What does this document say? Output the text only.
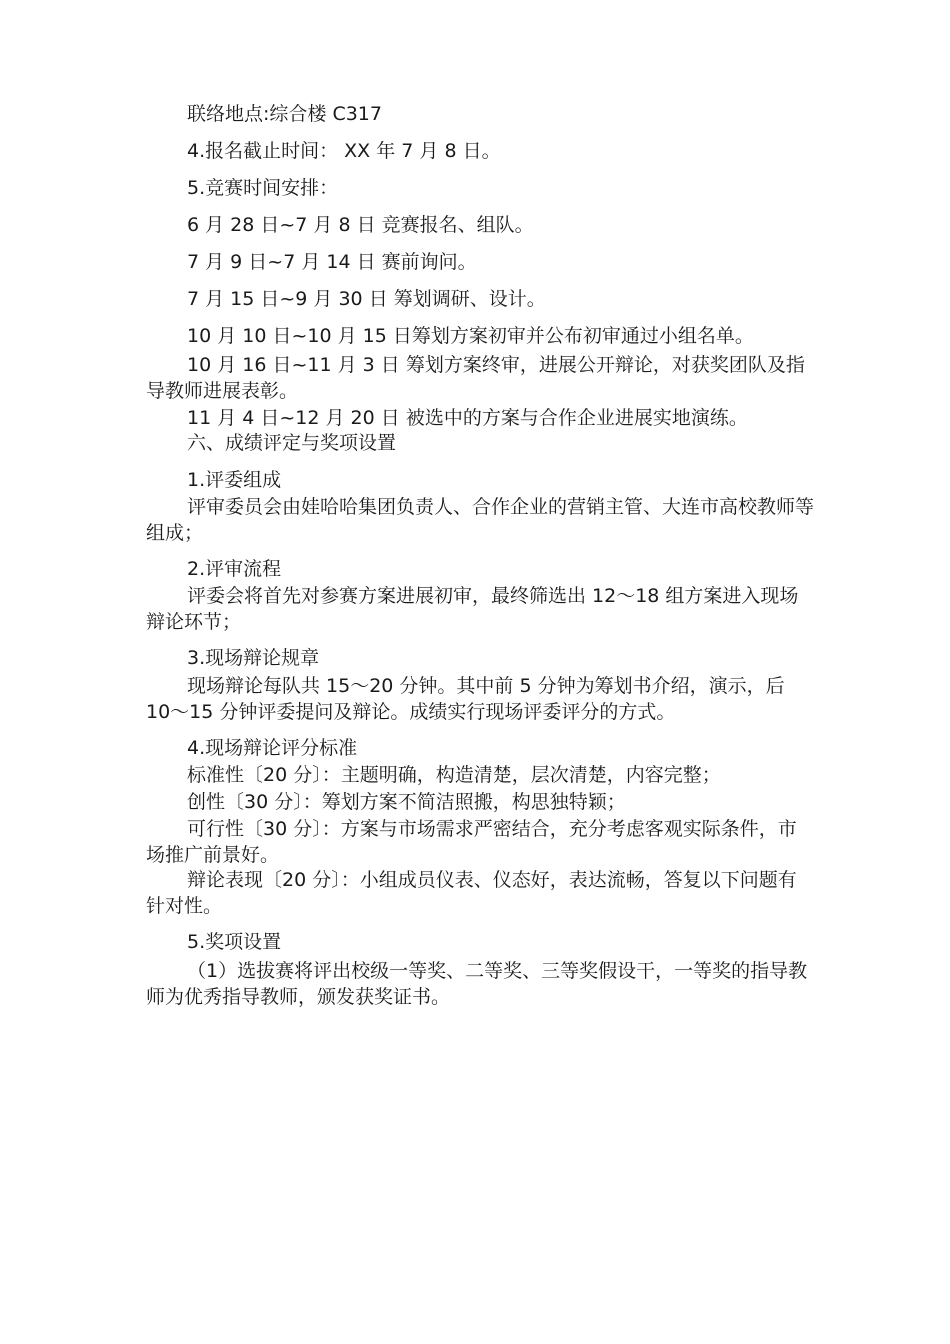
联络地点:综合楼 C317
4.报名截止时间： XX 年 7 月 8 日。
5.竞赛时间安排：
6 月 28 日~7 月 8 日 竞赛报名、组队。
7 月 9 日~7 月 14 日 赛前询问。
7 月 15 日~9 月 30 日 筹划调研、设计。
10 月 10 日~10 月 15 日筹划方案初审并公布初审通过小组名单。
10 月 16 日~11 月 3 日 筹划方案终审，进展公开辩论，对获奖团队及指导教师进展表彰。
11 月 4 日~12 月 20 日 被选中的方案与合作企业进展实地演练。
六、成绩评定与奖项设置
1.评委组成
评审委员会由娃哈哈集团负责人、合作企业的营销主管、大连市高校教师等组成；
2.评审流程
评委会将首先对参赛方案进展初审，最终筛选出 12～18 组方案进入现场辩论环节；
3.现场辩论规章
现场辩论每队共 15～20 分钟。其中前 5 分钟为筹划书介绍，演示，后 10～15 分钟评委提问及辩论。成绩实行现场评委评分的方式。
4.现场辩论评分标准
标准性〔20 分〕：主题明确，构造清楚，层次清楚，内容完整；
创性〔30 分〕：筹划方案不简洁照搬，构思独特颖；
可行性〔30 分〕：方案与市场需求严密结合，充分考虑客观实际条件，市场推广前景好。
辩论表现〔20 分〕：小组成员仪表、仪态好，表达流畅，答复以下问题有针对性。
5.奖项设置
（1）选拔赛将评出校级一等奖、二等奖、三等奖假设干，一等奖的指导教师为优秀指导教师，颁发获奖证书。
